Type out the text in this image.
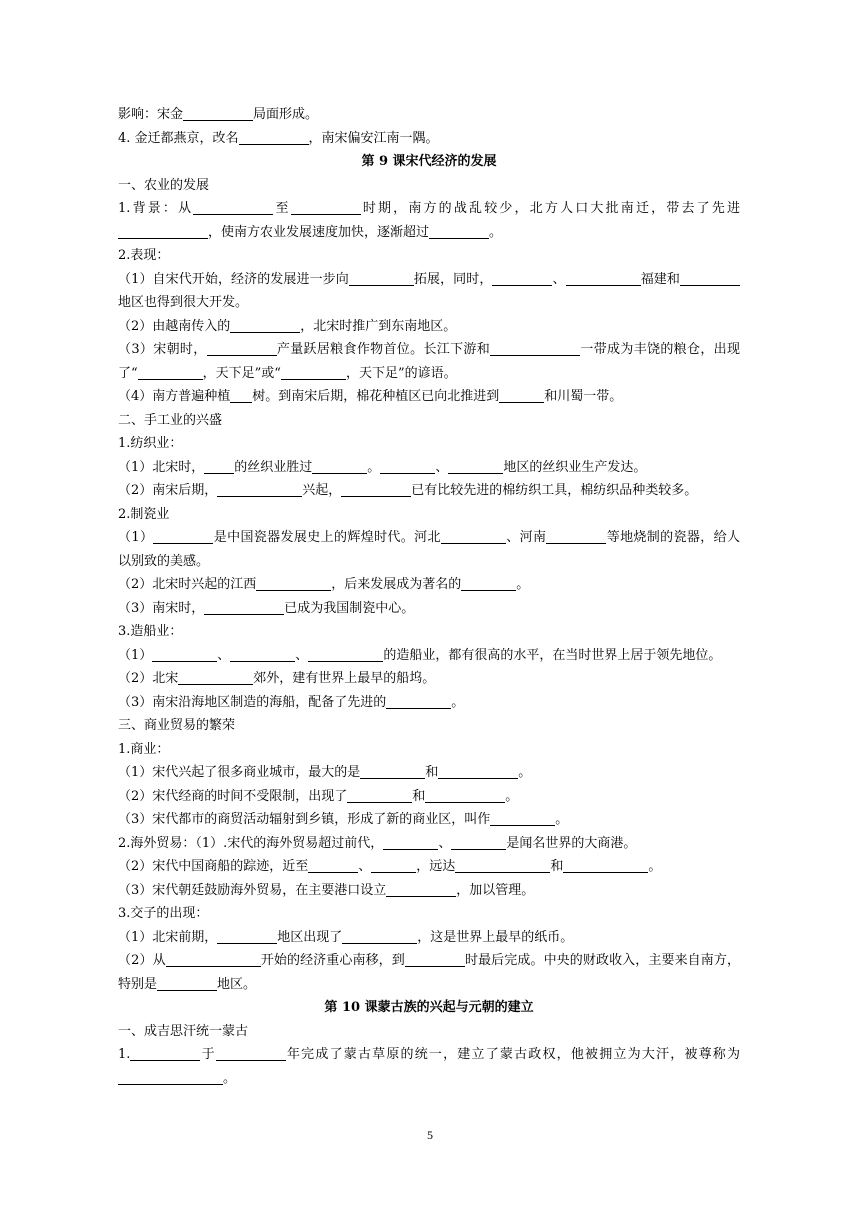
影响：宋金	局面形成。
4. 金迁都燕京，改名	，南宋偏安江南一隅。
第 9 课宋代经济的发展
一、农业的发展
1.背景：从	至	时期，南方的战乱较少，北方人口大批南迁，带去了先进，使南方农业发展速度加快，逐渐超过	。
2.表现：
（1）自宋代开始，经济的发展进一步向	拓展，同时，	、	福建和地区也得到很大开发。
（2）由越南传入的	，北宋时推广到东南地区。
（3）宋朝时，	产量跃居粮食作物首位。长江下游和	一带成为丰饶的粮仓，出现了“	，天下足”或“	，天下足”的谚语。
（4）南方普遍种植 树。到南宋后期，棉花种植区已向北推进到	和川蜀一带。
二、手工业的兴盛
1.纺织业：
（1）北宋时， 的丝织业胜过	。	、	地区的丝织业生产发达。
（2）南宋后期，	兴起，	已有比较先进的棉纺织工具，棉纺织品种类较多。
2.制瓷业
（1）	是中国瓷器发展史上的辉煌时代。河北	、河南	等地烧制的瓷器，给人以别致的美感。
（2）北宋时兴起的江西	，后来发展成为著名的	。
（3）南宋时，	已成为我国制瓷中心。
3.造船业：
（1）	、	、	的造船业，都有很高的水平，在当时世界上居于领先地位。
（2）北宋	郊外，建有世界上最早的船坞。
（3）南宋沿海地区制造的海船，配备了先进的	。
三、商业贸易的繁荣
1.商业：
（1）宋代兴起了很多商业城市，最大的是	和	。
（2）宋代经商的时间不受限制，出现了	和	。
（3）宋代都市的商贸活动辐射到乡镇，形成了新的商业区，叫作	。
2.海外贸易：（1）.宋代的海外贸易超过前代，	、	是闻名世界的大商港。
（2）宋代中国商船的踪迹，近至	、	，远达	和	。
（3）宋代朝廷鼓励海外贸易，在主要港口设立	，加以管理。
3.交子的出现：
（1）北宋前期，	地区出现了	，这是世界上最早的纸币。
（2）从	开始的经济重心南移，到	时最后完成。中央的财政收入，主要来自南方，特别是	地区。
第 10 课蒙古族的兴起与元朝的建立
一、成吉思汗统一蒙古
1.	于	年完成了蒙古草原的统一，建立了蒙古政权，他被拥立为大汗，被尊称为。
5
